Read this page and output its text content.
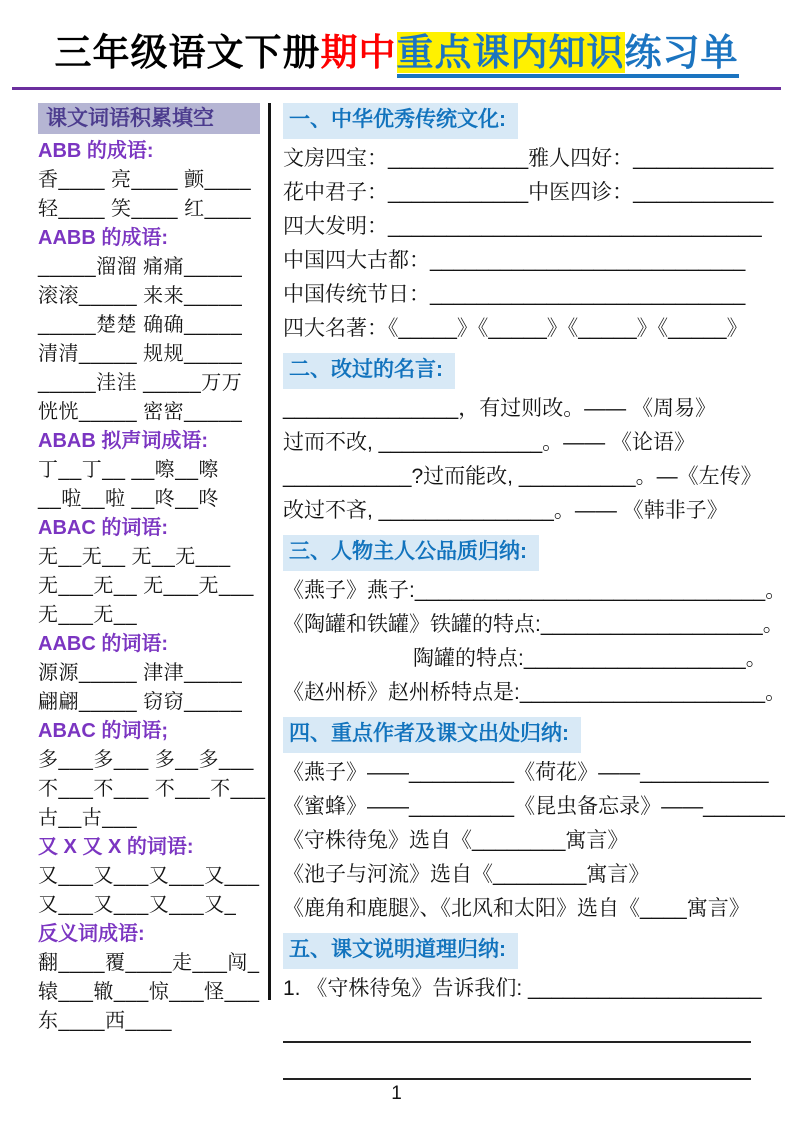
三年级语文下册期中重点课内知识练习单
课文词语积累填空
ABB 的成语:
香____ 亮____ 颤____
轻____ 笑____ 红____
AABB 的成语:
_____溜溜 痛痛_____
滚滚_____ 来来_____
_____楚楚 确确_____
清清_____ 规规_____
_____洼洼 _____万万
恍恍_____ 密密_____
ABAB 拟声词成语:
丁__丁__ __嚓__嚓
__啦__啦 __咚__咚
ABAC 的词语:
无__无__ 无__无___
无___无__ 无___无___
无___无__
AABC 的词语:
源源_____ 津津_____
翩翩_____ 窃窃_____
ABAC 的词语;
多___多___ 多__多___
不___不___ 不___不___
古__古___
又 X 又 X 的词语:
又___又___又___又___
又___又___又___又_
反义词成语:
翻____覆____走___闯_
辕___辙___惊___怪___
东____西____
一、中华优秀传统文化:
文房四宝：____________雅人四好：____________
花中君子：____________中医四诊：____________
四大发明：________________________________
中国四大古都：___________________________
中国传统节日：___________________________
四大名著：《_____》《_____》《_____》《_____》
二、改过的名言:
_______________，有过则改。—— 《周易》
过而不改, ______________。—— 《论语》
___________?过而能改, __________。—《左传》
改过不吝, _______________。—— 《韩非子》
三、人物主人公品质归纳:
《燕子》燕子:______________________________。
《陶罐和铁罐》铁罐的特点:___________________。
陶罐的特点:___________________。
《赵州桥》赵州桥特点是:_____________________。
四、重点作者及课文出处归纳:
《燕子》——_________《荷花》——___________
《蜜蜂》——_________《昆虫备忘录》——_______
《守株待兔》选自《________寓言》
《池子与河流》选自《________寓言》
《鹿角和鹿腿》、《北风和太阳》选自《____寓言》
五、课文说明道理归纳:
1. 《守株待兔》告诉我们: ____________________
1
